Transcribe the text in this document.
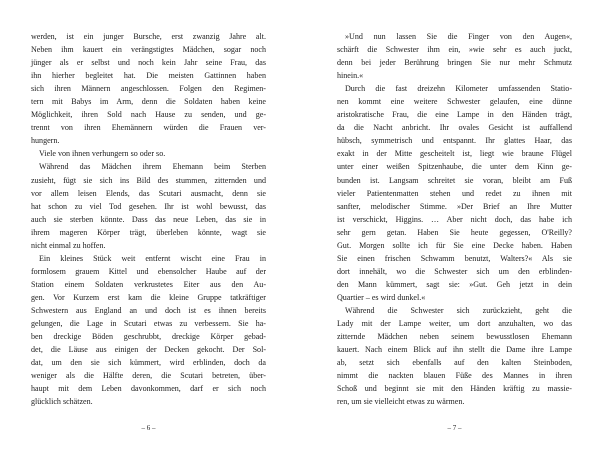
werden, ist ein junger Bursche, erst zwanzig Jahre alt.
Neben ihm kauert ein verängstigtes Mädchen, sogar noch
jünger als er selbst und noch kein Jahr seine Frau, das
ihn hierher begleitet hat. Die meisten Gattinnen haben
sich ihren Männern angeschlossen. Folgen den Regimen-
tern mit Babys im Arm, denn die Soldaten haben keine
Möglichkeit, ihren Sold nach Hause zu senden, und ge-
trennt von ihren Ehemännern würden die Frauen ver-
hungern.
Viele von ihnen verhungern so oder so.
Während das Mädchen ihrem Ehemann beim Sterben
zusieht, fügt sie sich ins Bild des stummen, zitternden und
vor allem leisen Elends, das Scutari ausmacht, denn sie
hat schon zu viel Tod gesehen. Ihr ist wohl bewusst, das
auch sie sterben könnte. Dass das neue Leben, das sie in
ihrem mageren Körper trägt, überleben könnte, wagt sie
nicht einmal zu hoffen.
Ein kleines Stück weit entfernt wischt eine Frau in
formlosem grauem Kittel und ebensolcher Haube auf der
Station einem Soldaten verkrustetes Eiter aus den Au-
gen. Vor Kurzem erst kam die kleine Gruppe tatkräftiger
Schwestern aus England an und doch ist es ihnen bereits
gelungen, die Lage in Scutari etwas zu verbessern. Sie ha-
ben dreckige Böden geschrubbt, dreckige Körper gebad-
det, die Läuse aus einigen der Decken gekocht. Der Sol-
dat, um den sie sich kümmert, wird erblinden, doch da
weniger als die Hälfte deren, die Scutari betreten, über-
haupt mit dem Leben davonkommen, darf er sich noch
glücklich schätzen.
– 6 –
»Und nun lassen Sie die Finger von den Augen«,
schärft die Schwester ihm ein, »wie sehr es auch juckt,
denn bei jeder Berührung bringen Sie nur mehr Schmutz
hinein.«
Durch die fast dreizehn Kilometer umfassenden Statio-
nen kommt eine weitere Schwester gelaufen, eine dünne
aristokratische Frau, die eine Lampe in den Händen trägt,
da die Nacht anbricht. Ihr ovales Gesicht ist auffallend
hübsch, symmetrisch und entspannt. Ihr glattes Haar, das
exakt in der Mitte gescheitelt ist, liegt wie braune Flügel
unter einer weißen Spitzenhaube, die unter dem Kinn ge-
bunden ist. Langsam schreitet sie voran, bleibt am Fuß
vieler Patientenmatten stehen und redet zu ihnen mit
sanfter, melodischer Stimme. »Der Brief an Ihre Mutter
ist verschickt, Higgins. … Aber nicht doch, das habe ich
sehr gern getan. Haben Sie heute gegessen, O'Reilly?
Gut. Morgen sollte ich für Sie eine Decke haben. Haben
Sie einen frischen Schwamm benutzt, Walters?« Als sie
dort innehält, wo die Schwester sich um den erblinden-
den Mann kümmert, sagt sie: »Gut. Geh jetzt in dein
Quartier – es wird dunkel.«
Während die Schwester sich zurückzieht, geht die
Lady mit der Lampe weiter, um dort anzuhalten, wo das
zitternde Mädchen neben seinem bewusstlosen Ehemann
kauert. Nach einem Blick auf ihn stellt die Dame ihre Lampe
ab, setzt sich ebenfalls auf den kalten Steinboden,
nimmt die nackten blauen Füße des Mannes in ihren
Schoß und beginnt sie mit den Händen kräftig zu massie-
ren, um sie vielleicht etwas zu wärmen.
– 7 –
